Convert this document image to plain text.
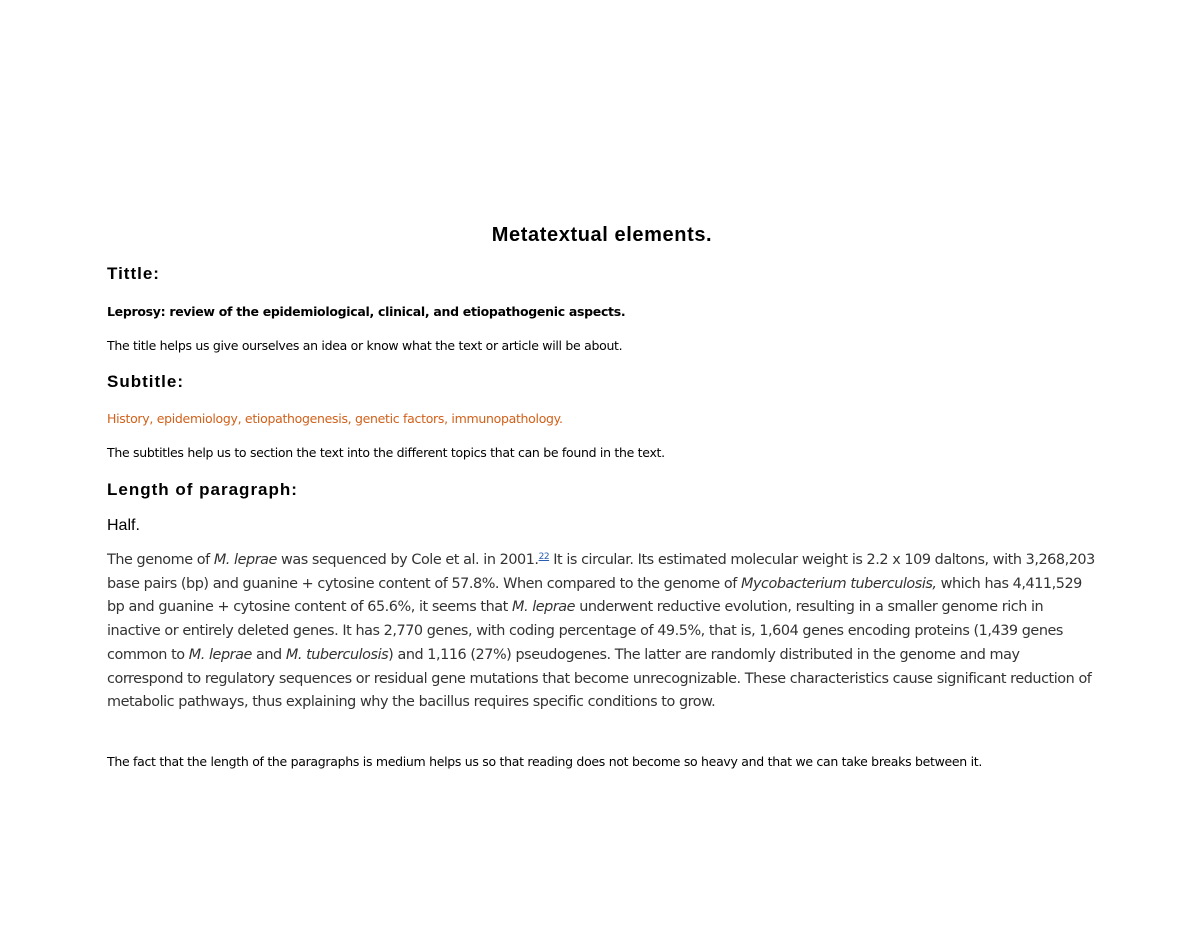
Metatextual elements.
Tittle:

Leprosy: review of the epidemiological, clinical, and etiopathogenic aspects.

The title helps us give ourselves an idea or know what the text or article will be about.

Subtitle:

History, epidemiology, etiopathogenesis, genetic factors, immunopathology.

The subtitles help us to section the text into the different topics that can be found in the text.

Length of paragraph:

Half.

The genome of M. leprae was sequenced by Cole et al. in 2001.22 It is circular. Its estimated molecular weight is 2.2 x 109 daltons, with 3,268,203 base pairs (bp) and guanine + cytosine content of 57.8%. When compared to the genome of Mycobacterium tuberculosis, which has 4,411,529 bp and guanine + cytosine content of 65.6%, it seems that M. leprae underwent reductive evolution, resulting in a smaller genome rich in inactive or entirely deleted genes. It has 2,770 genes, with coding percentage of 49.5%, that is, 1,604 genes encoding proteins (1,439 genes common to M. leprae and M. tuberculosis) and 1,116 (27%) pseudogenes. The latter are randomly distributed in the genome and may correspond to regulatory sequences or residual gene mutations that become unrecognizable. These characteristics cause significant reduction of metabolic pathways, thus explaining why the bacillus requires specific conditions to grow.

The fact that the length of the paragraphs is medium helps us so that reading does not become so heavy and that we can take breaks between it.
